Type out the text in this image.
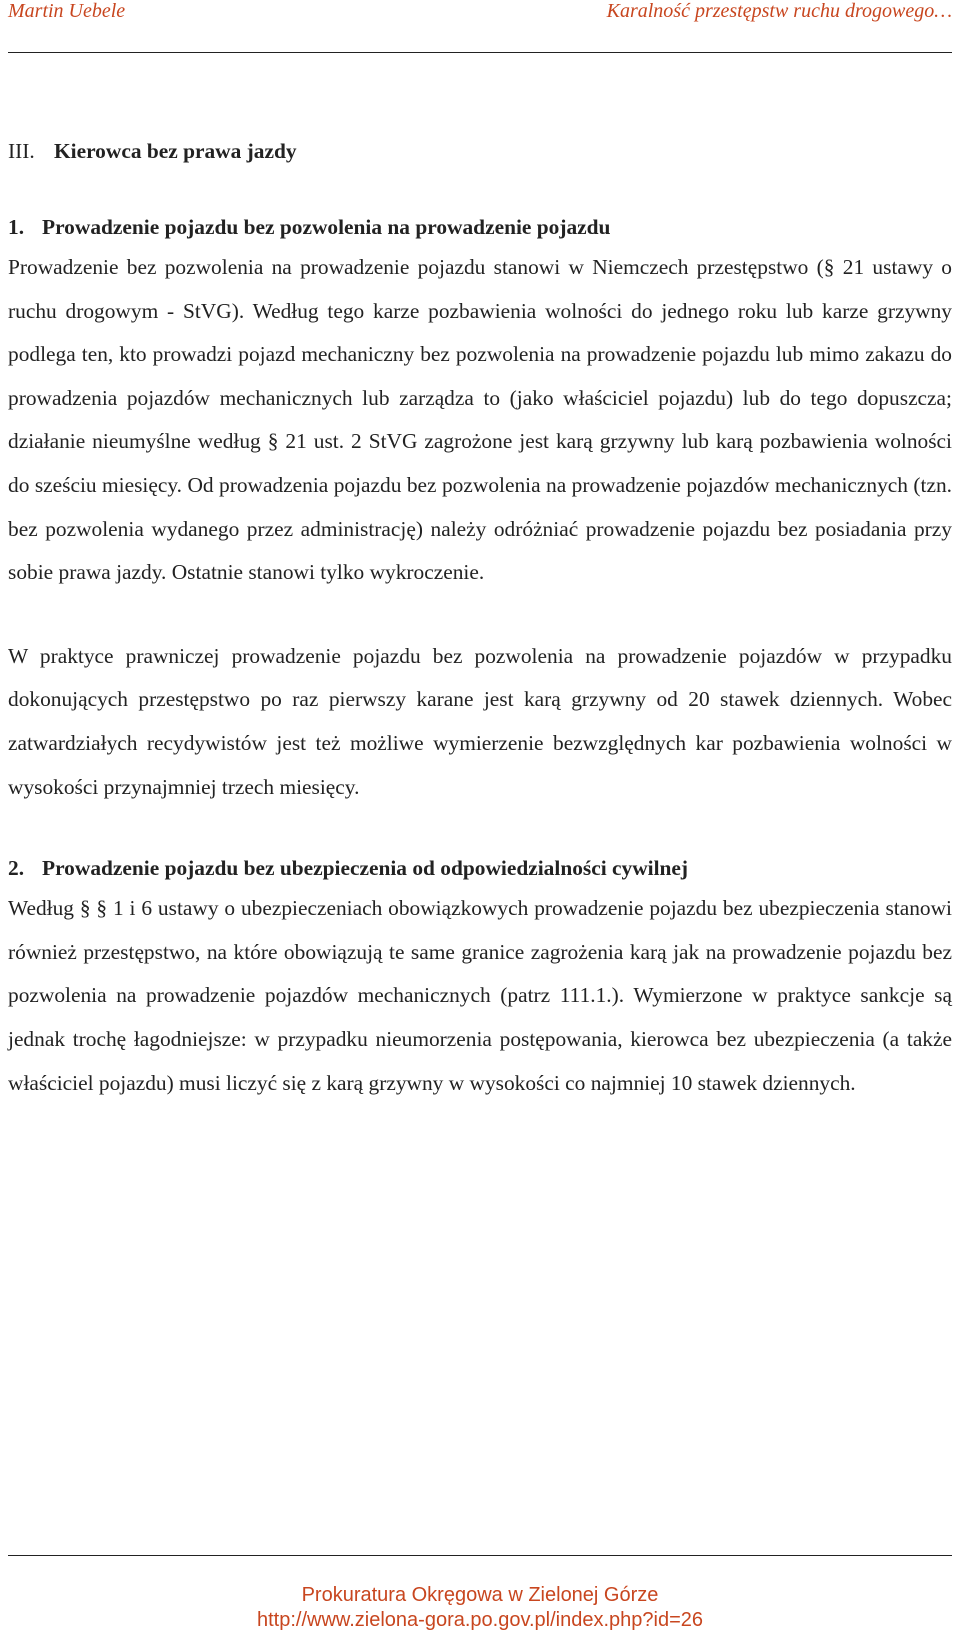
Martin Uebele	Karalność przestępstw ruchu drogowego…
III. Kierowca bez prawa jazdy
1. Prowadzenie pojazdu bez pozwolenia na prowadzenie pojazdu

Prowadzenie bez pozwolenia na prowadzenie pojazdu stanowi w Niemczech przestępstwo (§ 21 ustawy o ruchu drogowym - StVG). Według tego karze pozbawienia wolności do jednego roku lub karze grzywny podlega ten, kto prowadzi pojazd mechaniczny bez pozwolenia na prowadzenie pojazdu lub mimo zakazu do prowadzenia pojazdów mechanicznych lub zarządza to (jako właściciel pojazdu) lub do tego dopuszcza; działanie nieumyślne według § 21 ust. 2 StVG zagrożone jest karą grzywny lub karą pozbawienia wolności do sześciu miesięcy. Od prowadzenia pojazdu bez pozwolenia na prowadzenie pojazdów mechanicznych (tzn. bez pozwolenia wydanego przez administrację) należy odróżniać prowadzenie pojazdu bez posiadania przy sobie prawa jazdy. Ostatnie stanowi tylko wykroczenie.

W praktyce prawniczej prowadzenie pojazdu bez pozwolenia na prowadzenie pojazdów w przypadku dokonujących przestępstwo po raz pierwszy karane jest karą grzywny od 20 stawek dziennych. Wobec zatwardziałych recydywistów jest też możliwe wymierzenie bezwzględnych kar pozbawienia wolności w wysokości przynajmniej trzech miesięcy.

2. Prowadzenie pojazdu bez ubezpieczenia od odpowiedzialności cywilnej

Według § § 1 i 6 ustawy o ubezpieczeniach obowiązkowych prowadzenie pojazdu bez ubezpieczenia stanowi również przestępstwo, na które obowiązują te same granice zagrożenia karą jak na prowadzenie pojazdu bez pozwolenia na prowadzenie pojazdów mechanicznych (patrz 111.1.). Wymierzone w praktyce sankcje są jednak trochę łagodniejsze: w przypadku nieumorzenia postępowania, kierowca bez ubezpieczenia (a także właściciel pojazdu) musi liczyć się z karą grzywny w wysokości co najmniej 10 stawek dziennych.

Prokuratura Okręgowa w Zielonej Górze
http://www.zielona-gora.po.gov.pl/index.php?id=26
